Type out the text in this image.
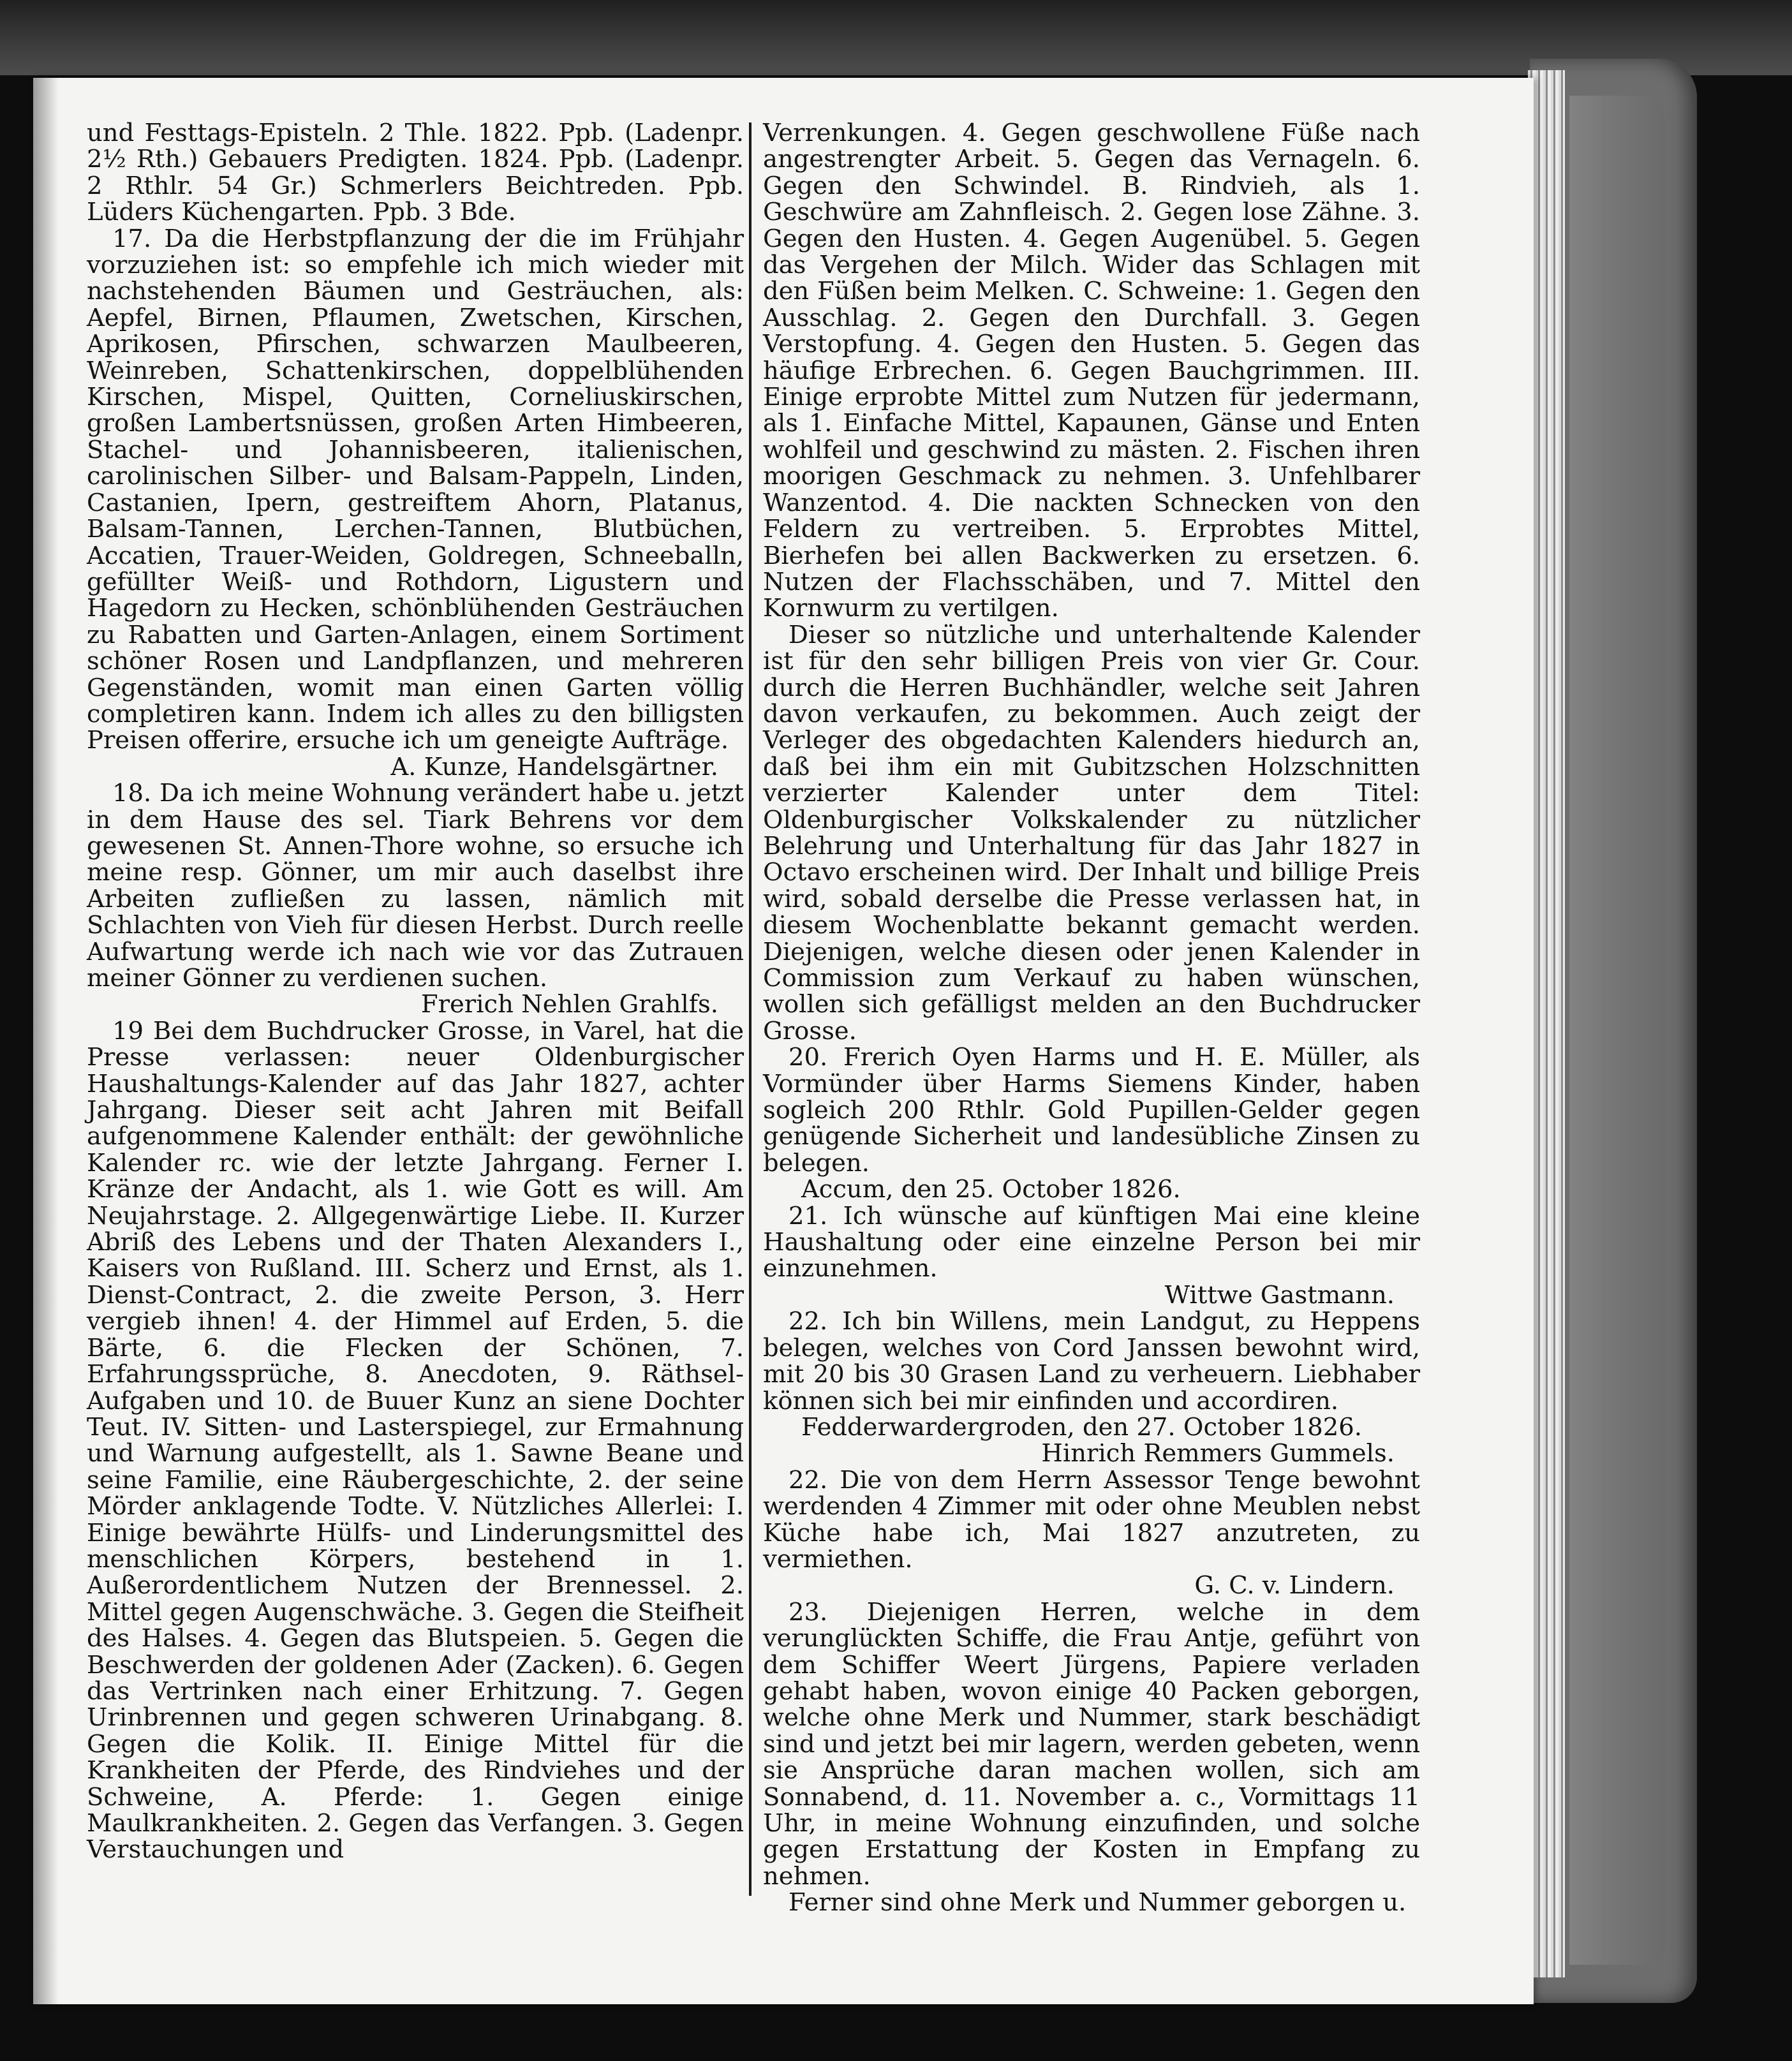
und Festtags-Episteln. 2 Thle. 1822. Ppb. (Ladenpr. 2½ Rth.) Gebauers Predigten. 1824. Ppb. (Ladenpr. 2 Rthlr. 54 Gr.) Schmerlers Beichtreden. Ppb. Lüders Küchengarten. Ppb. 3 Bde.

17. Da die Herbstpflanzung der die im Frühjahr vorzuziehen ist: so empfehle ich mich wieder mit nachstehenden Bäumen und Gesträuchen, als: Aepfel, Birnen, Pflaumen, Zwetschen, Kirschen, Aprikosen, Pfirschen, schwarzen Maulbeeren, Weinreben, Schattenkirschen, doppelblühenden Kirschen, Mispel, Quitten, Corneliuskirschen, großen Lambertsnüssen, großen Arten Himbeeren, Stachel- und Johannisbeeren, italienischen, carolinischen Silber- und Balsam-Pappeln, Linden, Castanien, Ipern, gestreiftem Ahorn, Platanus, Balsam-Tannen, Lerchen-Tannen, Blutbüchen, Accatien, Trauer-Weiden, Goldregen, Schneeballn, gefüllter Weiß- und Rothdorn, Ligustern und Hagedorn zu Hecken, schönblühenden Gesträuchen zu Rabatten und Garten-Anlagen, einem Sortiment schöner Rosen und Landpflanzen, und mehreren Gegenständen, womit man einen Garten völlig completiren kann. Indem ich alles zu den billigsten Preisen offerire, ersuche ich um geneigte Aufträge.

A. Kunze, Handelsgärtner.

18. Da ich meine Wohnung verändert habe u. jetzt in dem Hause des sel. Tiark Behrens vor dem gewesenen St. Annen-Thore wohne, so ersuche ich meine resp. Gönner, um mir auch daselbst ihre Arbeiten zufließen zu lassen, nämlich mit Schlachten von Vieh für diesen Herbst. Durch reelle Aufwartung werde ich nach wie vor das Zutrauen meiner Gönner zu verdienen suchen.

Frerich Nehlen Grahlfs.

19 Bei dem Buchdrucker Grosse, in Varel, hat die Presse verlassen: neuer Oldenburgischer Haushaltungs-Kalender auf das Jahr 1827, achter Jahrgang. Dieser seit acht Jahren mit Beifall aufgenommene Kalender enthält: der gewöhnliche Kalender rc. wie der letzte Jahrgang. Ferner I. Kränze der Andacht, als 1. wie Gott es will. Am Neujahrstage. 2. Allgegenwärtige Liebe. II. Kurzer Abriß des Lebens und der Thaten Alexanders I., Kaisers von Rußland. III. Scherz und Ernst, als 1. Dienst-Contract, 2. die zweite Person, 3. Herr vergieb ihnen! 4. der Himmel auf Erden, 5. die Bärte, 6. die Flecken der Schönen, 7. Erfahrungssprüche, 8. Anecdoten, 9. Räthsel-Aufgaben und 10. de Buuer Kunz an siene Dochter Teut. IV. Sitten- und Lasterspiegel, zur Ermahnung und Warnung aufgestellt, als 1. Sawne Beane und seine Familie, eine Räubergeschichte, 2. der seine Mörder anklagende Todte. V. Nützliches Allerlei: I. Einige bewährte Hülfs- und Linderungsmittel des menschlichen Körpers, bestehend in 1. Außerordentlichem Nutzen der Brennessel. 2. Mittel gegen Augenschwäche. 3. Gegen die Steifheit des Halses. 4. Gegen das Blutspeien. 5. Gegen die Beschwerden der goldenen Ader (Zacken). 6. Gegen das Vertrinken nach einer Erhitzung. 7. Gegen Urinbrennen und gegen schweren Urinabgang. 8. Gegen die Kolik. II. Einige Mittel für die Krankheiten der Pferde, des Rindviehes und der Schweine, A. Pferde: 1. Gegen einige Maulkrankheiten. 2. Gegen das Verfangen. 3. Gegen Verstauchungen und

Verrenkungen. 4. Gegen geschwollene Füße nach angestrengter Arbeit. 5. Gegen das Vernageln. 6. Gegen den Schwindel. B. Rindvieh, als 1. Geschwüre am Zahnfleisch. 2. Gegen lose Zähne. 3. Gegen den Husten. 4. Gegen Augenübel. 5. Gegen das Vergehen der Milch. Wider das Schlagen mit den Füßen beim Melken. C. Schweine: 1. Gegen den Ausschlag. 2. Gegen den Durchfall. 3. Gegen Verstopfung. 4. Gegen den Husten. 5. Gegen das häufige Erbrechen. 6. Gegen Bauchgrimmen. III. Einige erprobte Mittel zum Nutzen für jedermann, als 1. Einfache Mittel, Kapaunen, Gänse und Enten wohlfeil und geschwind zu mästen. 2. Fischen ihren moorigen Geschmack zu nehmen. 3. Unfehlbarer Wanzentod. 4. Die nackten Schnecken von den Feldern zu vertreiben. 5. Erprobtes Mittel, Bierhefen bei allen Backwerken zu ersetzen. 6. Nutzen der Flachsschäben, und 7. Mittel den Kornwurm zu vertilgen.

Dieser so nützliche und unterhaltende Kalender ist für den sehr billigen Preis von vier Gr. Cour. durch die Herren Buchhändler, welche seit Jahren davon verkaufen, zu bekommen. Auch zeigt der Verleger des obgedachten Kalenders hiedurch an, daß bei ihm ein mit Gubitzschen Holzschnitten verzierter Kalender unter dem Titel: Oldenburgischer Volkskalender zu nützlicher Belehrung und Unterhaltung für das Jahr 1827 in Octavo erscheinen wird. Der Inhalt und billige Preis wird, sobald derselbe die Presse verlassen hat, in diesem Wochenblatte bekannt gemacht werden. Diejenigen, welche diesen oder jenen Kalender in Commission zum Verkauf zu haben wünschen, wollen sich gefälligst melden an den Buchdrucker Grosse.

20. Frerich Oyen Harms und H. E. Müller, als Vormünder über Harms Siemens Kinder, haben sogleich 200 Rthlr. Gold Pupillen-Gelder gegen genügende Sicherheit und landesübliche Zinsen zu belegen.

Accum, den 25. October 1826.

21. Ich wünsche auf künftigen Mai eine kleine Haushaltung oder eine einzelne Person bei mir einzunehmen.

Wittwe Gastmann.

22. Ich bin Willens, mein Landgut, zu Heppens belegen, welches von Cord Janssen bewohnt wird, mit 20 bis 30 Grasen Land zu verheuern. Liebhaber können sich bei mir einfinden und accordiren.

Fedderwardergroden, den 27. October 1826.

Hinrich Remmers Gummels.

22. Die von dem Herrn Assessor Tenge bewohnt werdenden 4 Zimmer mit oder ohne Meublen nebst Küche habe ich, Mai 1827 anzutreten, zu vermiethen.

G. C. v. Lindern.

23. Diejenigen Herren, welche in dem verunglückten Schiffe, die Frau Antje, geführt von dem Schiffer Weert Jürgens, Papiere verladen gehabt haben, wovon einige 40 Packen geborgen, welche ohne Merk und Nummer, stark beschädigt sind und jetzt bei mir lagern, werden gebeten, wenn sie Ansprüche daran machen wollen, sich am Sonnabend, d. 11. November a. c., Vormittags 11 Uhr, in meine Wohnung einzufinden, und solche gegen Erstattung der Kosten in Empfang zu nehmen.

Ferner sind ohne Merk und Nummer geborgen u.
